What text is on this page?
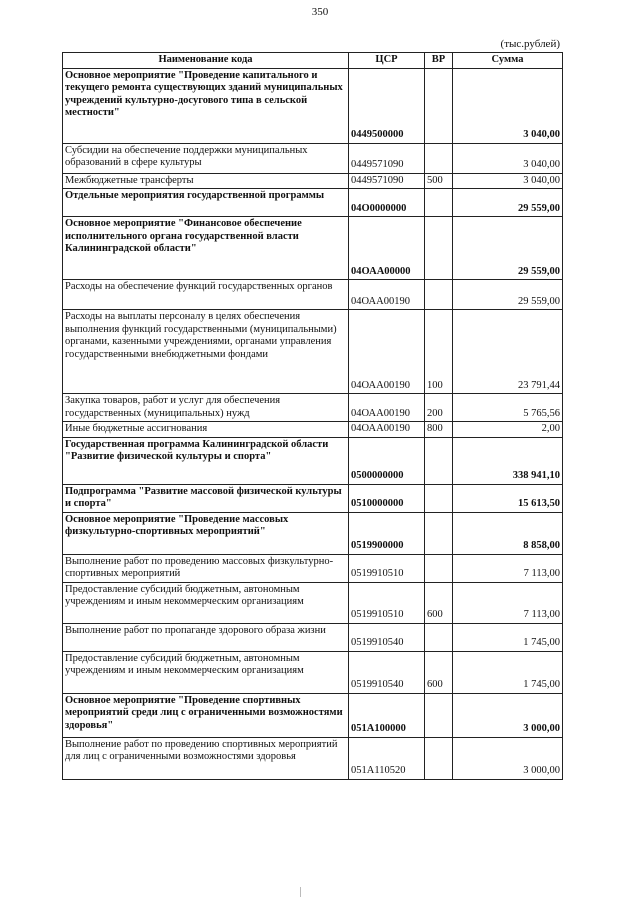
350
(тыс.рублей)
Наименование кода	ЦСР	ВР	Сумма
Основное мероприятие "Проведение капитального и текущего ремонта существующих зданий муниципальных учреждений культурно-досугового типа в сельской местности"	0449500000		3 040,00
Субсидии на обеспечение поддержки муниципальных образований в сфере культуры	0449571090		3 040,00
Межбюджетные трансферты	0449571090	500	3 040,00
Отдельные мероприятия государственной программы	04О0000000		29 559,00
Основное мероприятие "Финансовое обеспечение исполнительного органа государственной власти Калининградской области"	04ОАА00000		29 559,00
Расходы на обеспечение функций государственных органов	04ОАА00190		29 559,00
Расходы на выплаты персоналу в целях обеспечения выполнения функций государственными (муниципальными) органами, казенными учреждениями, органами управления государственными внебюджетными фондами	04ОАА00190	100	23 791,44
Закупка товаров, работ и услуг для обеспечения государственных (муниципальных) нужд	04ОАА00190	200	5 765,56
Иные бюджетные ассигнования	04ОАА00190	800	2,00
Государственная программа Калининградской области "Развитие физической культуры и спорта"	0500000000		338 941,10
Подпрограмма "Развитие массовой физической культуры и спорта"	0510000000		15 613,50
Основное мероприятие "Проведение массовых физкультурно-спортивных мероприятий"	0519900000		8 858,00
Выполнение работ по проведению массовых физкультурно-спортивных мероприятий	0519910510		7 113,00
Предоставление субсидий бюджетным, автономным учреждениям и иным некоммерческим организациям	0519910510	600	7 113,00
Выполнение работ по пропаганде здорового образа жизни	0519910540		1 745,00
Предоставление субсидий бюджетным, автономным учреждениям и иным некоммерческим организациям	0519910540	600	1 745,00
Основное мероприятие "Проведение спортивных мероприятий среди лиц с ограниченными возможностями здоровья"	051А100000		3 000,00
Выполнение работ по проведению спортивных мероприятий для лиц с ограниченными возможностями здоровья	051А110520		3 000,00
